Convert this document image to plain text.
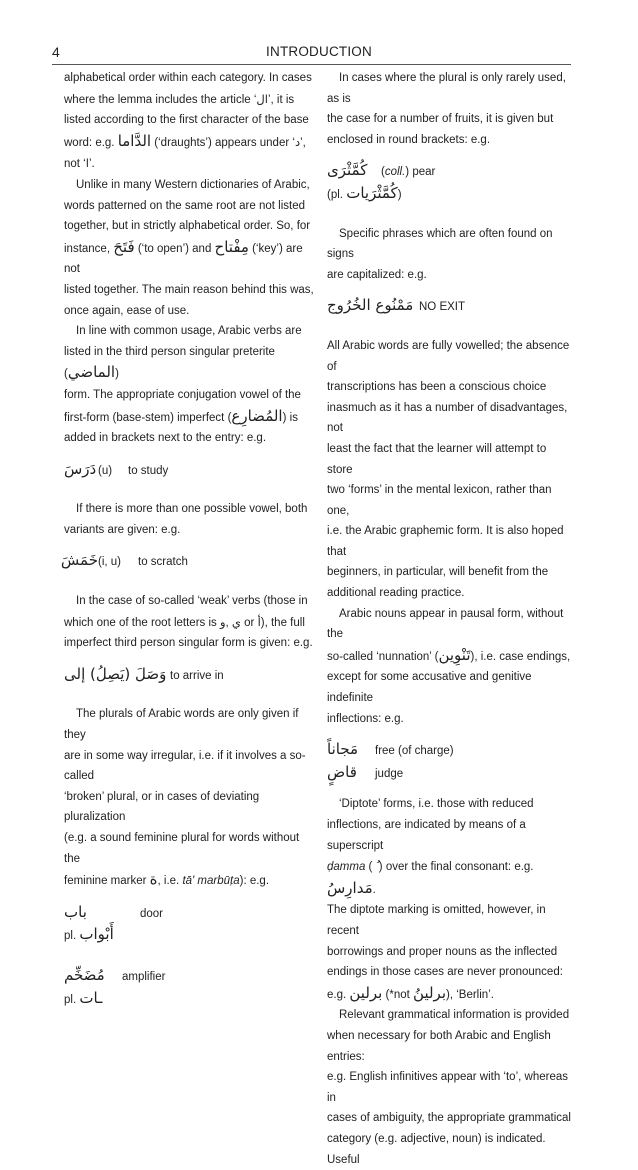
4	INTRODUCTION

alphabetical order within each category. In cases
where the lemma includes the article ‘ال’, it is
listed according to the first character of the base
word: e.g. الدَّاما (‘draughts’) appears under ‘د’,
not ‘ا’.

Unlike in many Western dictionaries of Arabic,
words patterned on the same root are not listed
together, but in strictly alphabetical order. So, for
instance, فَتَحَ (‘to open’) and مِفْتاح (‘key’) are not
listed together. The main reason behind this was,
once again, ease of use.

In line with common usage, Arabic verbs are
listed in the third person singular preterite (الماضي)
form. The appropriate conjugation vowel of the
first-form (base-stem) imperfect (المُضارِع) is
added in brackets next to the entry: e.g.

دَرَسَ (u)	to study

If there is more than one possible vowel, both
variants are given: e.g.

خَمَشَ (i, u)	to scratch

In the case of so-called ‘weak’ verbs (those in
which one of the root letters is و, ي or أ), the full
imperfect third person singular form is given: e.g.

وَصَلَ (يَصِلُ) إلى to arrive in

The plurals of Arabic words are only given if they
are in some way irregular, i.e. if it involves a so-called
‘broken’ plural, or in cases of deviating pluralization
(e.g. a sound feminine plural for words without the
feminine marker ة, i.e. tā' marbūṭa): e.g.

باب	door
pl. أَبْواب
مُضَخِّم	amplifier
pl. ـات

In cases where the plural is only rarely used, as is
the case for a number of fruits, it is given but
enclosed in round brackets: e.g.

كُمَّثْرَى	(coll.)
pear
(pl. كُمَّثْرَيات)

Specific phrases which are often found on signs
are capitalized: e.g.

مَمْنُوع الخُرُوج NO EXIT

All Arabic words are fully vowelled; the absence of
transcriptions has been a conscious choice
inasmuch as it has a number of disadvantages, not
least the fact that the learner will attempt to store
two ‘forms’ in the mental lexicon, rather than one,
i.e. the Arabic graphemic form. It is also hoped that
beginners, in particular, will benefit from the
additional reading practice.

Arabic nouns appear in pausal form, without the
so-called ‘nunnation’ (تَنْوِين), i.e. case endings,
except for some accusative and genitive indefinite
inflections: e.g.

مَجاناً	free (of charge)
قاضٍ	judge

‘Diptote’ forms, i.e. those with reduced
inflections, are indicated by means of a superscript
ḍamma ( ) over the final consonant: e.g. مَدارِسُ.
The diptote marking is omitted, however, in recent
borrowings and proper nouns as the inflected
endings in those cases are never pronounced:
e.g. برلين (*not برلينُ), ‘Berlin’.

Relevant grammatical information is provided
when necessary for both Arabic and English entries:
e.g. English infinitives appear with ‘to’, whereas in
cases of ambiguity, the appropriate grammatical
category (e.g. adjective, noun) is indicated. Useful
